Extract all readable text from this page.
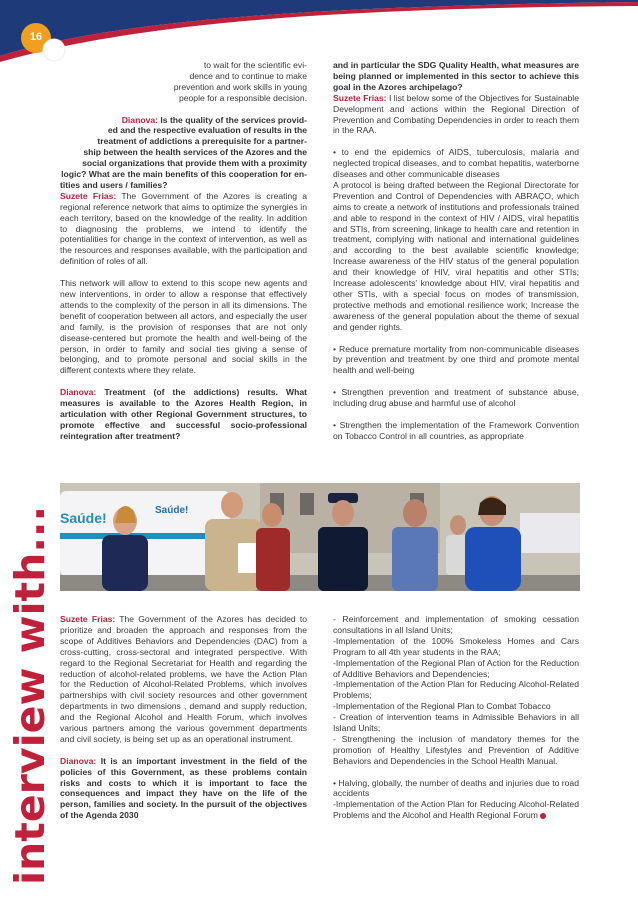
16
interview with...
to wait for the scientific evi-
dence and to continue to make
prevention and work skills in young
people for a responsible decision.
Dianova: Is the quality of the services provid-
ed and the respective evaluation of results in the
treatment of addictions a prerequisite for a partner-
ship between the health services of the Azores and the
social organizations that provide them with a proximity
logic? What are the main benefits of this cooperation for en-
tities and users / families?

Suzete Frias: The Government of the Azores is creating a regional reference network that aims to optimize the synergies in each territory, based on the knowledge of the reality. In addition to diagnosing the problems, we intend to identify the potentialities for change in the context of intervention, as well as the resources and responses available, with the participation and definition of roles of all.

This network will allow to extend to this scope new agents and new interventions, in order to allow a response that effectively attends to the complexity of the person in all its dimensions. The benefit of cooperation between all actors, and especially the user and family, is the provision of responses that are not only disease-centered but promote the health and well-being of the person, in order to family and social ties giving a sense of belonging, and to promote personal and social skills in the different contexts where they relate.

Dianova: Treatment (of the addictions) results. What measures is available to the Azores Health Region, in articulation with other Regional Government structures, to promote effective and successful socio-professional reintegration after treatment?

and in particular the SDG Quality Health, what measures are being planned or implemented in this sector to achieve this goal in the Azores archipelago?

Suzete Frias: I list below some of the Objectives for Sustainable Development and actions within the Regional Direction of Prevention and Combating Dependencies in order to reach them in the RAA.

• to end the epidemics of AIDS, tuberculosis, malaria and neglected tropical diseases, and to combat hepatitis, waterborne diseases and other communicable diseases

A protocol is being drafted between the Regional Directorate for Prevention and Control of Dependencies with ABRAÇO, which aims to create a network of institutions and professionals trained and able to respond in the context of HIV / AIDS, viral hepatitis and STIs, from screening, linkage to health care and retention in treatment, complying with national and international guidelines and according to the best available scientific knowledge; Increase awareness of the HIV status of the general population and their knowledge of HIV, viral hepatitis and other STIs; Increase adolescents' knowledge about HIV, viral hepatitis and other STIs, with a special focus on modes of transmission, protective methods and emotional resilience work; Increase the awareness of the general population about the theme of sexual and gender rights.

• Reduce premature mortality from non-communicable diseases by prevention and treatment by one third and promote mental health and well-being

• Strengthen prevention and treatment of substance abuse, including drug abuse and harmful use of alcohol

• Strengthen the implementation of the Framework Convention on Tobacco Control in all countries, as appropriate

Saúde!	Saúde!

Suzete Frias: The Government of the Azores has decided to prioritize and broaden the approach and responses from the scope of Additives Behaviors and Dependencies (DAC) from a cross-cutting, cross-sectoral and integrated perspective. With regard to the Regional Secretariat for Health and regarding the reduction of alcohol-related problems, we have the Action Plan for the Reduction of Alcohol-Related Problems, which involves partnerships with civil society resources and other government departments in two dimensions , demand and supply reduction, and the Regional Alcohol and Health Forum, which involves various partners among the various government departments and civil society, is being set up as an operational instrument.

Dianova: It is an important investment in the field of the policies of this Government, as these problems contain risks and costs to which it is important to face the consequences and impact they have on the life of the person, families and society. In the pursuit of the objectives of the Agenda 2030

- Reinforcement and implementation of smoking cessation consultations in all Island Units;

-Implementation of the 100% Smokeless Homes and Cars Program to all 4th year students in the RAA;

-Implementation of the Regional Plan of Action for the Reduction of Additive Behaviors and Dependencies;

-Implementation of the Action Plan for Reducing Alcohol-Related Problems;

-Implementation of the Regional Plan to Combat Tobacco

- Creation of intervention teams in Admissible Behaviors in all Island Units;

- Strengthening the inclusion of mandatory themes for the promotion of Healthy Lifestyles and Prevention of Additive Behaviors and Dependencies in the School Health Manual.

• Halving, globally, the number of deaths and injuries due to road accidents

-Implementation of the Action Plan for Reducing Alcohol-Related Problems and the Alcohol and Health Regional Forum
